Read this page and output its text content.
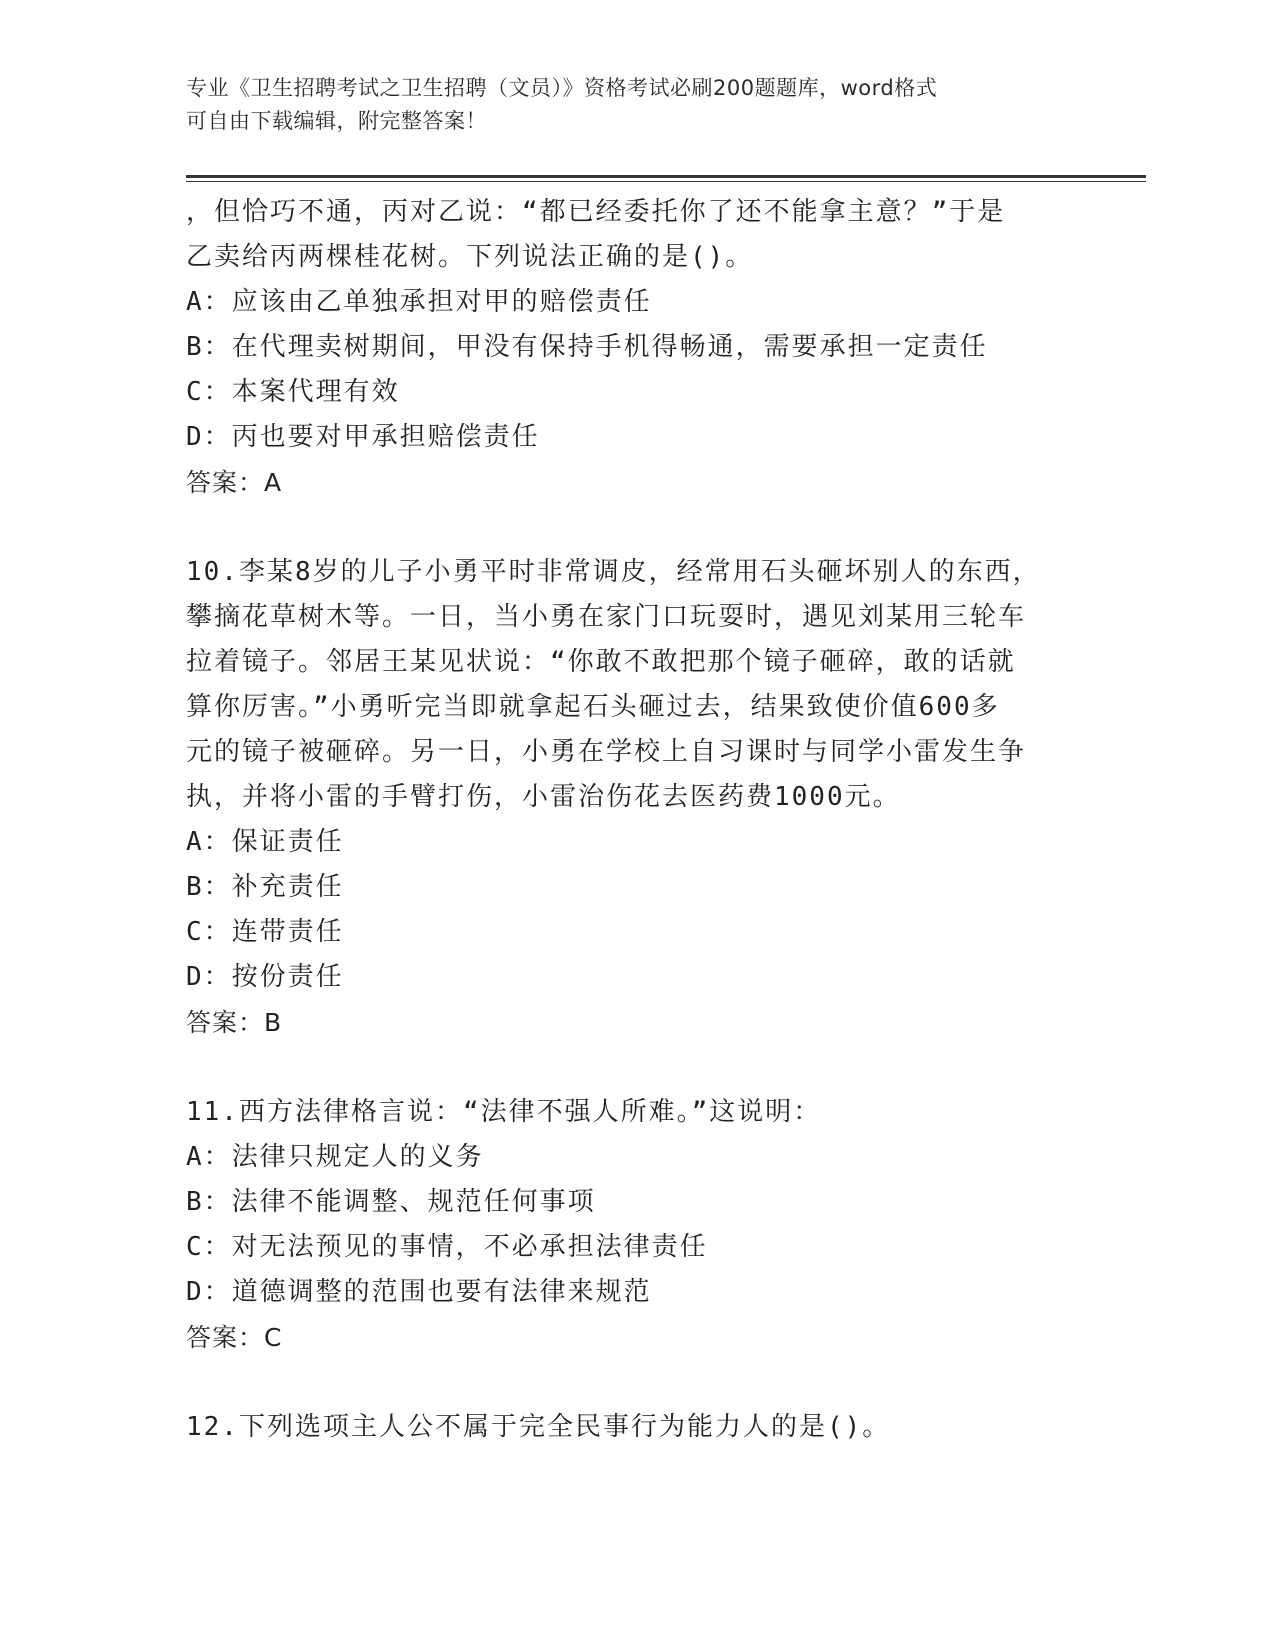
专业《卫生招聘考试之卫生招聘（文员）》资格考试必刷200题题库，word格式
可自由下载编辑，附完整答案！

，但恰巧不通，丙对乙说：“都已经委托你了还不能拿主意？”于是

乙卖给丙两棵桂花树。下列说法正确的是()。

A：应该由乙单独承担对甲的赔偿责任

B：在代理卖树期间，甲没有保持手机得畅通，需要承担一定责任

C：本案代理有效

D：丙也要对甲承担赔偿责任

答案：A

10.李某8岁的儿子小勇平时非常调皮，经常用石头砸坏别人的东西，

攀摘花草树木等。一日，当小勇在家门口玩耍时，遇见刘某用三轮车

拉着镜子。邻居王某见状说：“你敢不敢把那个镜子砸碎，敢的话就

算你厉害。”小勇听完当即就拿起石头砸过去，结果致使价值600多

元的镜子被砸碎。另一日，小勇在学校上自习课时与同学小雷发生争

执，并将小雷的手臂打伤，小雷治伤花去医药费1000元。

A：保证责任

B：补充责任

C：连带责任

D：按份责任

答案：B

11.西方法律格言说：“法律不强人所难。”这说明：

A：法律只规定人的义务

B：法律不能调整、规范任何事项

C：对无法预见的事情，不必承担法律责任

D：道德调整的范围也要有法律来规范

答案：C

12.下列选项主人公不属于完全民事行为能力人的是()。
